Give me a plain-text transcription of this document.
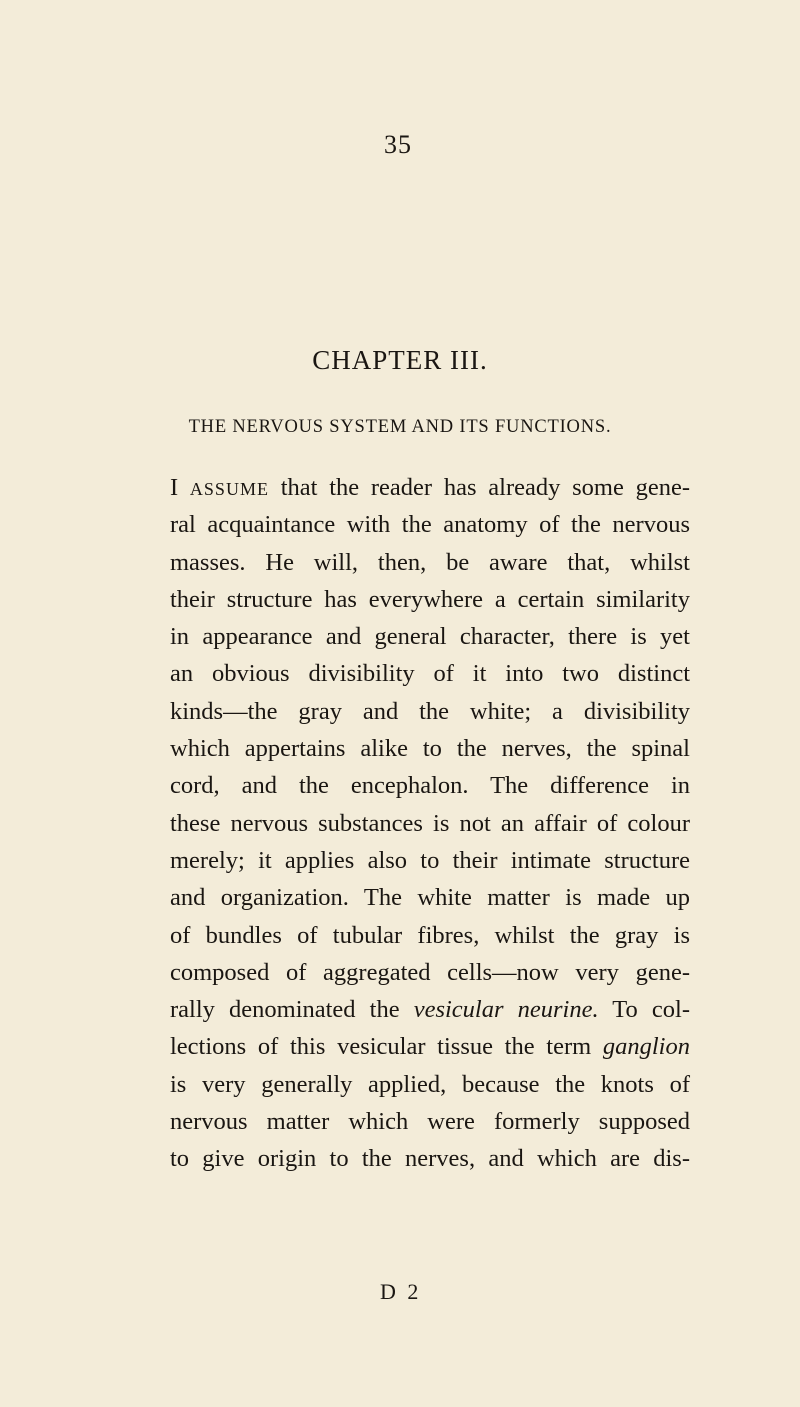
35
CHAPTER III.
THE NERVOUS SYSTEM AND ITS FUNCTIONS.
I ASSUME that the reader has already some gene-
ral acquaintance with the anatomy of the nervous
masses. He will, then, be aware that, whilst
their structure has everywhere a certain similarity
in appearance and general character, there is yet
an obvious divisibility of it into two distinct
kinds—the gray and the white; a divisibility
which appertains alike to the nerves, the spinal
cord, and the encephalon. The difference in
these nervous substances is not an affair of colour
merely; it applies also to their intimate structure
and organization. The white matter is made up
of bundles of tubular fibres, whilst the gray is
composed of aggregated cells—now very gene-
rally denominated the vesicular neurine. To col-
lections of this vesicular tissue the term ganglion
is very generally applied, because the knots of
nervous matter which were formerly supposed
to give origin to the nerves, and which are dis-
D 2
